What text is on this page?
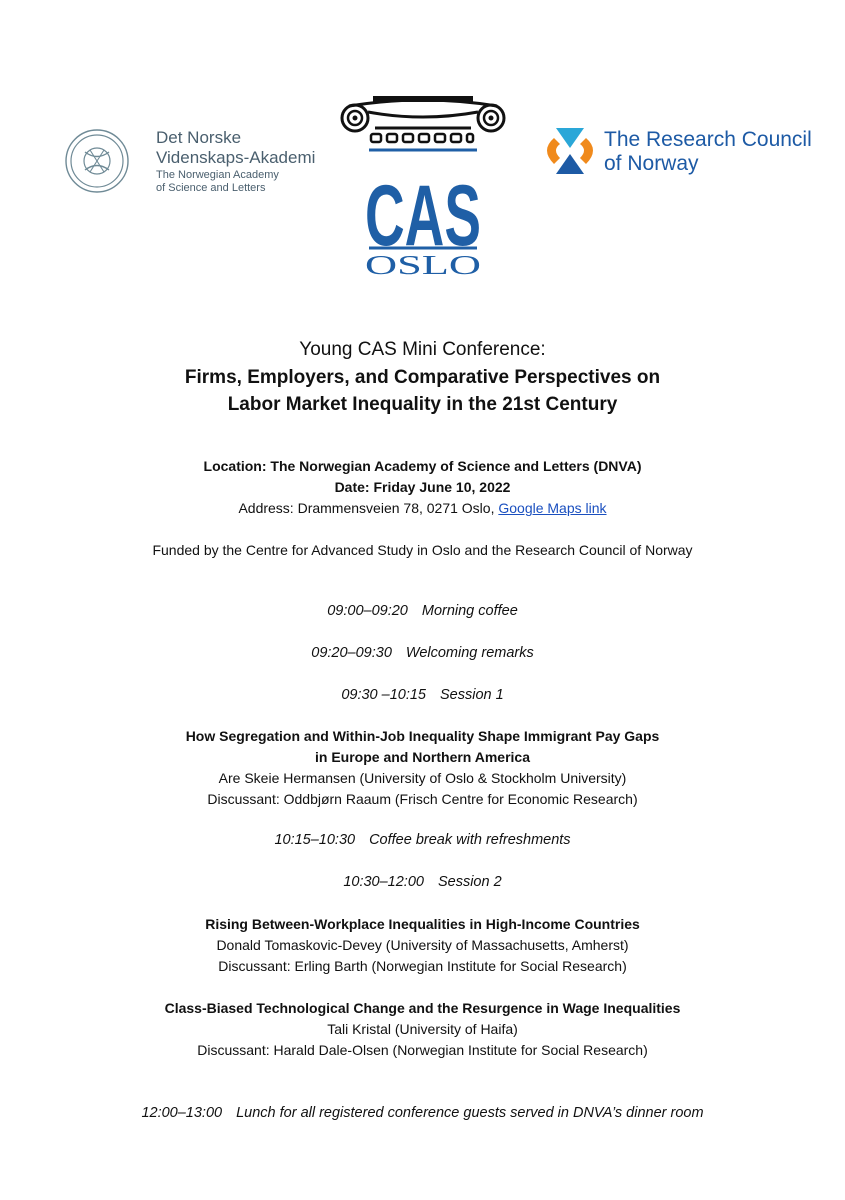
Det Norske
Videnskaps-Akademi
The Norwegian Academy
of Science and Letters CAS
OSLO
The Research Council
of Norway
Young CAS Mini Conference:
Firms, Employers, and Comparative Perspectives on
Labor Market Inequality in the 21st Century
Location: The Norwegian Academy of Science and Letters (DNVA)
Date: Friday June 10, 2022
Address: Drammensveien 78, 0271 Oslo, Google Maps link
Funded by the Centre for Advanced Study in Oslo and the Research Council of Norway
09:00–09:20 Morning coffee
09:20–09:30 Welcoming remarks
09:30 –10:15 Session 1
How Segregation and Within-Job Inequality Shape Immigrant Pay Gaps
in Europe and Northern America
Are Skeie Hermansen (University of Oslo & Stockholm University)
Discussant: Oddbjørn Raaum (Frisch Centre for Economic Research)
10:15–10:30 Coffee break with refreshments
10:30–12:00 Session 2
Rising Between-Workplace Inequalities in High-Income Countries
Donald Tomaskovic-Devey (University of Massachusetts, Amherst)
Discussant: Erling Barth (Norwegian Institute for Social Research)
Class-Biased Technological Change and the Resurgence in Wage Inequalities
Tali Kristal (University of Haifa)
Discussant: Harald Dale-Olsen (Norwegian Institute for Social Research)
12:00–13:00 Lunch for all registered conference guests served in DNVA’s dinner room
